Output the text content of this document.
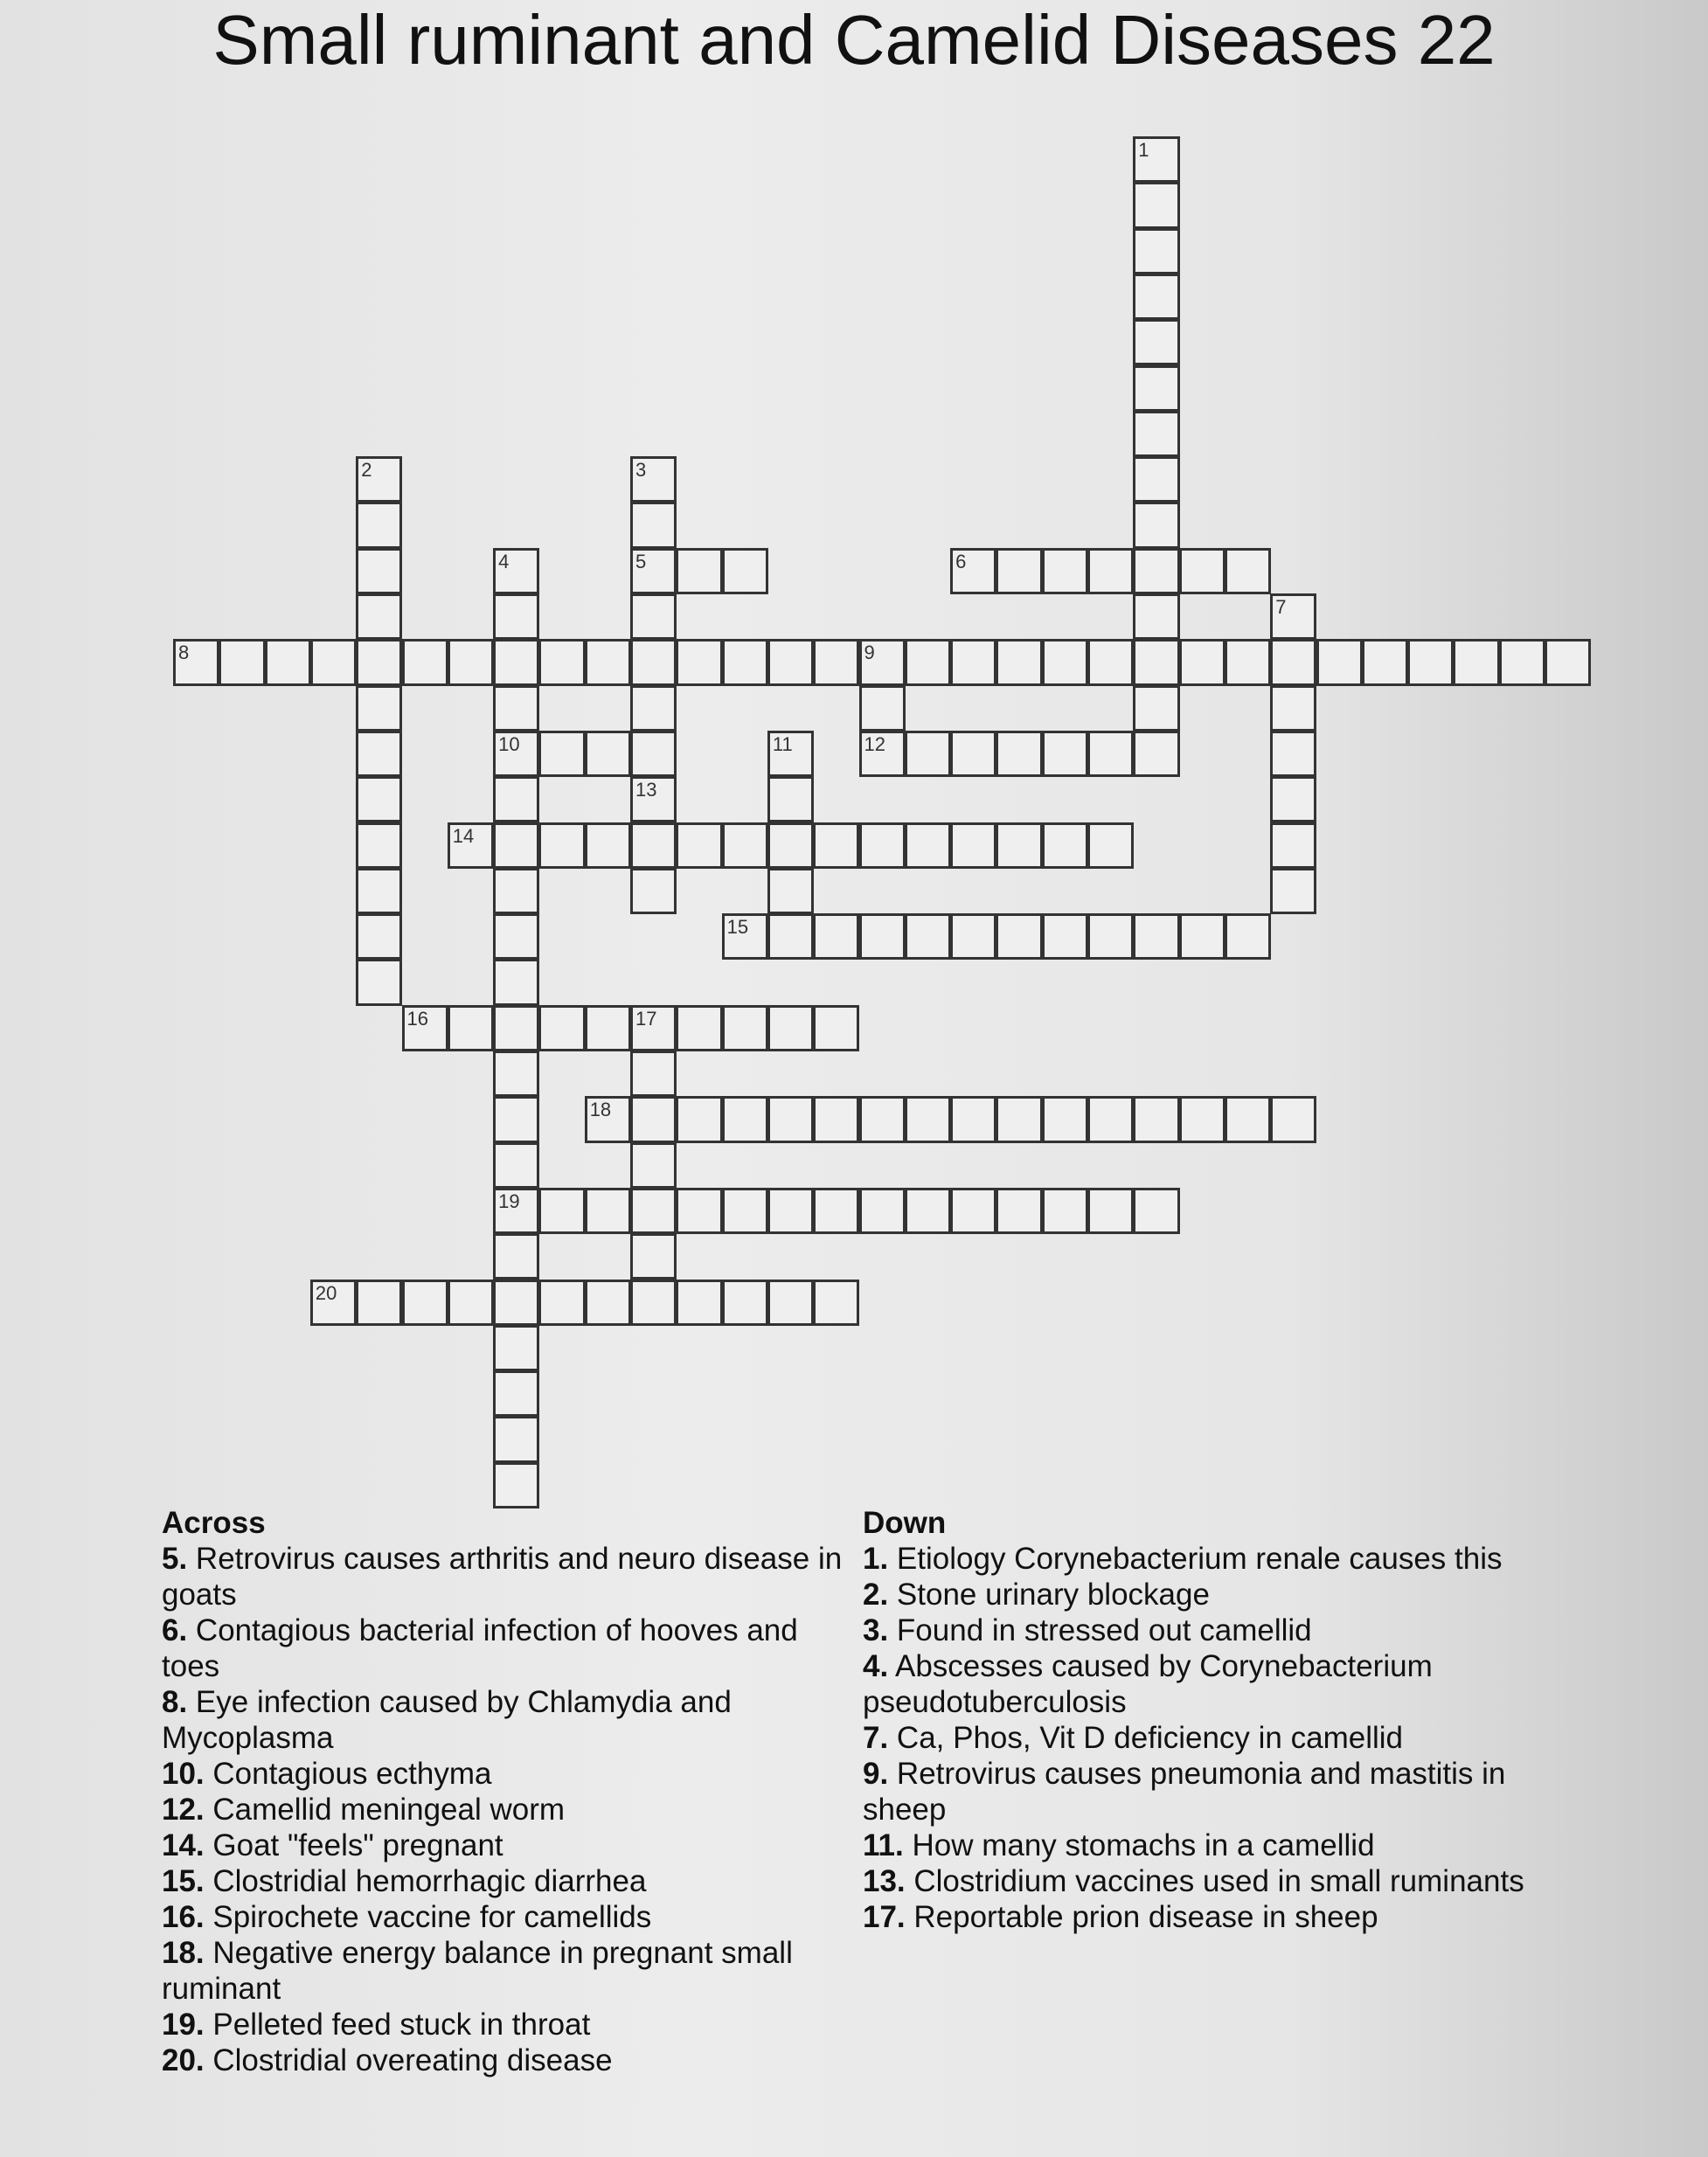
Small ruminant and Camelid Diseases 22
1
2	3
5
13
4
10
19
6
7
8	9
12
11
14
15
16	17
18
20
Across
5. Retrovirus causes arthritis and neuro disease in goats
6. Contagious bacterial infection of hooves and toes
8. Eye infection caused by Chlamydia and Mycoplasma
10. Contagious ecthyma
12. Camellid meningeal worm
14. Goat "feels" pregnant
15. Clostridial hemorrhagic diarrhea
16. Spirochete vaccine for camellids
18. Negative energy balance in pregnant small ruminant
19. Pelleted feed stuck in throat
20. Clostridial overeating disease
Down
1. Etiology Corynebacterium renale causes this
2. Stone urinary blockage
3. Found in stressed out camellid
4. Abscesses caused by Corynebacterium pseudotuberculosis
7. Ca, Phos, Vit D deficiency in camellid
9. Retrovirus causes pneumonia and mastitis in sheep
11. How many stomachs in a camellid
13. Clostridium vaccines used in small ruminants
17. Reportable prion disease in sheep
